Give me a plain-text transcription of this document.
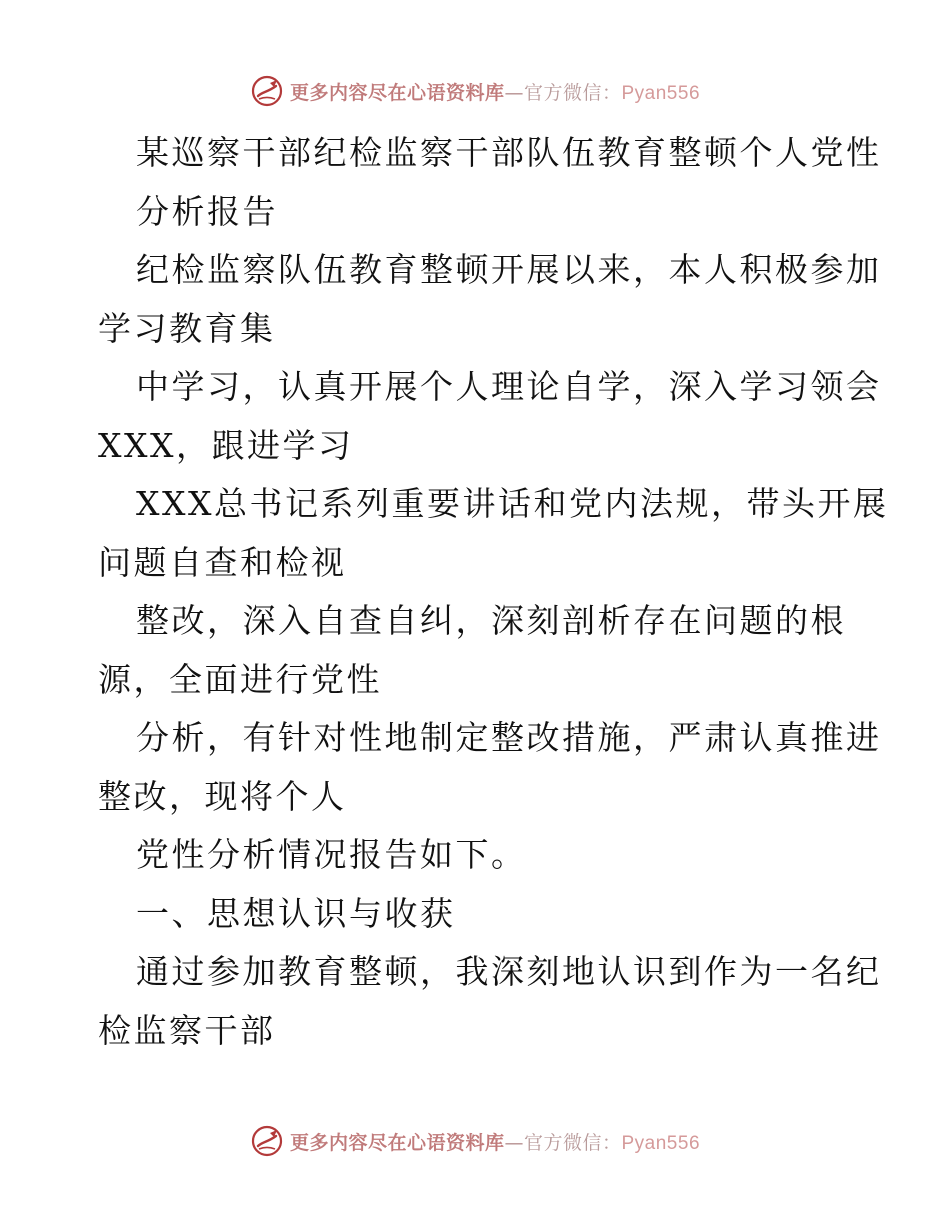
更多内容尽在心语资料库—官方微信：Pyan556
某巡察干部纪检监察干部队伍教育整顿个人党性
分析报告
纪检监察队伍教育整顿开展以来，本人积极参加
学习教育集
中学习，认真开展个人理论自学，深入学习领会
XXX，跟进学习
XXX总书记系列重要讲话和党内法规，带头开展
问题自查和检视
整改，深入自查自纠，深刻剖析存在问题的根
源，全面进行党性
分析，有针对性地制定整改措施，严肃认真推进
整改，现将个人
党性分析情况报告如下。
一、思想认识与收获
通过参加教育整顿，我深刻地认识到作为一名纪
检监察干部
更多内容尽在心语资料库—官方微信：Pyan556
